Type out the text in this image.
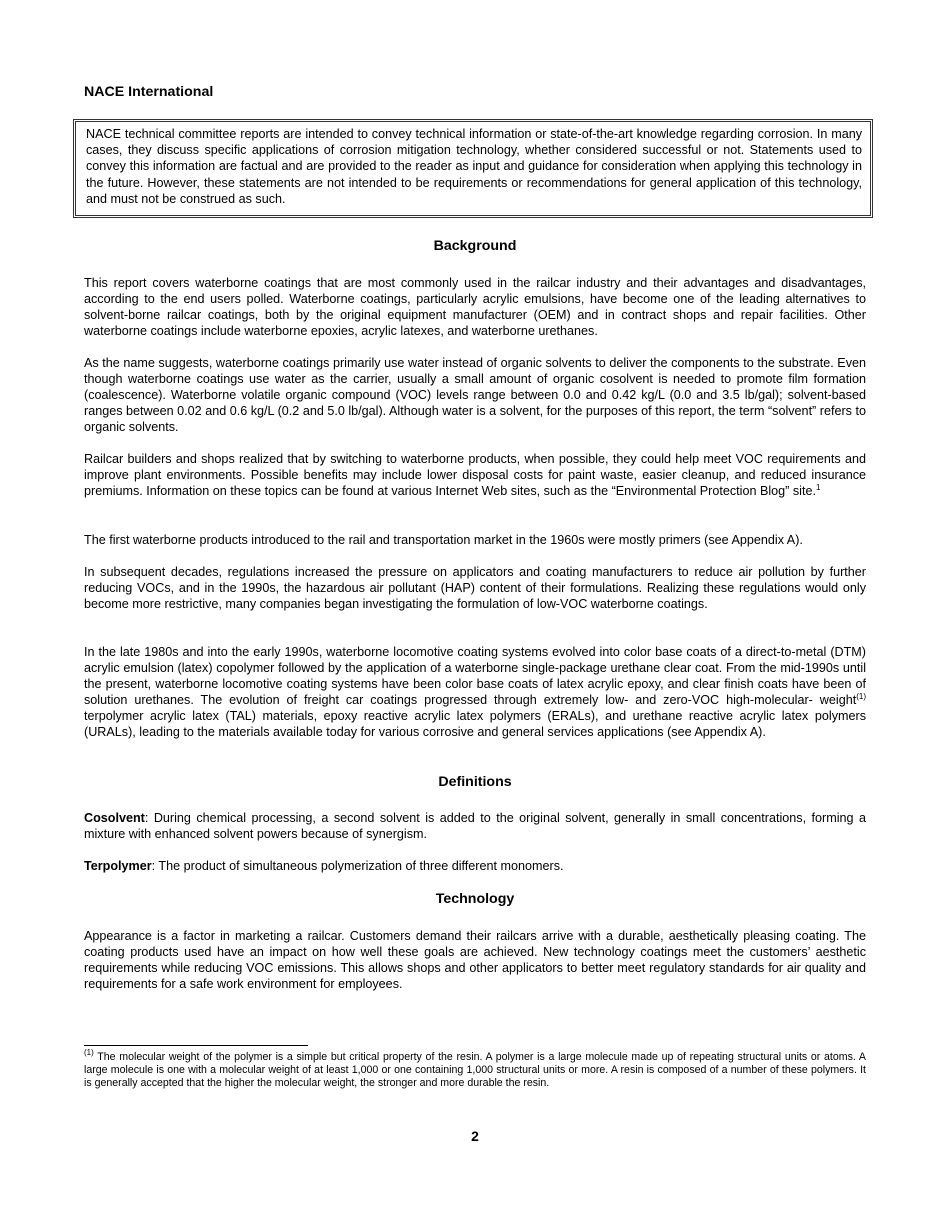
NACE International

NACE technical committee reports are intended to convey technical information or state-of-the-art knowledge regarding corrosion. In many cases, they discuss specific applications of corrosion mitigation technology, whether considered successful or not. Statements used to convey this information are factual and are provided to the reader as input and guidance for consideration when applying this technology in the future. However, these statements are not intended to be requirements or recommendations for general application of this technology, and must not be construed as such.

Background

This report covers waterborne coatings that are most commonly used in the railcar industry and their advantages and disadvantages, according to the end users polled. Waterborne coatings, particularly acrylic emulsions, have become one of the leading alternatives to solvent-borne railcar coatings, both by the original equipment manufacturer (OEM) and in contract shops and repair facilities. Other waterborne coatings include waterborne epoxies, acrylic latexes, and waterborne urethanes.

As the name suggests, waterborne coatings primarily use water instead of organic solvents to deliver the components to the substrate. Even though waterborne coatings use water as the carrier, usually a small amount of organic cosolvent is needed to promote film formation (coalescence). Waterborne volatile organic compound (VOC) levels range between 0.0 and 0.42 kg/L (0.0 and 3.5 lb/gal); solvent-based ranges between 0.02 and 0.6 kg/L (0.2 and 5.0 lb/gal). Although water is a solvent, for the purposes of this report, the term “solvent” refers to organic solvents.

Railcar builders and shops realized that by switching to waterborne products, when possible, they could help meet VOC requirements and improve plant environments. Possible benefits may include lower disposal costs for paint waste, easier cleanup, and reduced insurance premiums. Information on these topics can be found at various Internet Web sites, such as the “Environmental Protection Blog” site.$^1$

The first waterborne products introduced to the rail and transportation market in the 1960s were mostly primers (see Appendix A).

In subsequent decades, regulations increased the pressure on applicators and coating manufacturers to reduce air pollution by further reducing VOCs, and in the 1990s, the hazardous air pollutant (HAP) content of their formulations. Realizing these regulations would only become more restrictive, many companies began investigating the formulation of low-VOC waterborne coatings.

In the late 1980s and into the early 1990s, waterborne locomotive coating systems evolved into color base coats of a direct-to-metal (DTM) acrylic emulsion (latex) copolymer followed by the application of a waterborne single-package urethane clear coat. From the mid-1990s until the present, waterborne locomotive coating systems have been color base coats of latex acrylic epoxy, and clear finish coats have been of solution urethanes. The evolution of freight car coatings progressed through extremely low- and zero-VOC high-molecular- weight$^{(1)}$ terpolymer acrylic latex (TAL) materials, epoxy reactive acrylic latex polymers (ERALs), and urethane reactive acrylic latex polymers (URALs), leading to the materials available today for various corrosive and general services applications (see Appendix A).

Definitions

Cosolvent: During chemical processing, a second solvent is added to the original solvent, generally in small concentrations, forming a mixture with enhanced solvent powers because of synergism.

Terpolymer: The product of simultaneous polymerization of three different monomers.

Technology

Appearance is a factor in marketing a railcar. Customers demand their railcars arrive with a durable, aesthetically pleasing coating. The coating products used have an impact on how well these goals are achieved. New technology coatings meet the customers’ aesthetic requirements while reducing VOC emissions. This allows shops and other applicators to better meet regulatory standards for air quality and requirements for a safe work environment for employees.

$^{(1)}$ The molecular weight of the polymer is a simple but critical property of the resin. A polymer is a large molecule made up of repeating structural units or atoms. A large molecule is one with a molecular weight of at least 1,000 or one containing 1,000 structural units or more. A resin is composed of a number of these polymers. It is generally accepted that the higher the molecular weight, the stronger and more durable the resin.

2
